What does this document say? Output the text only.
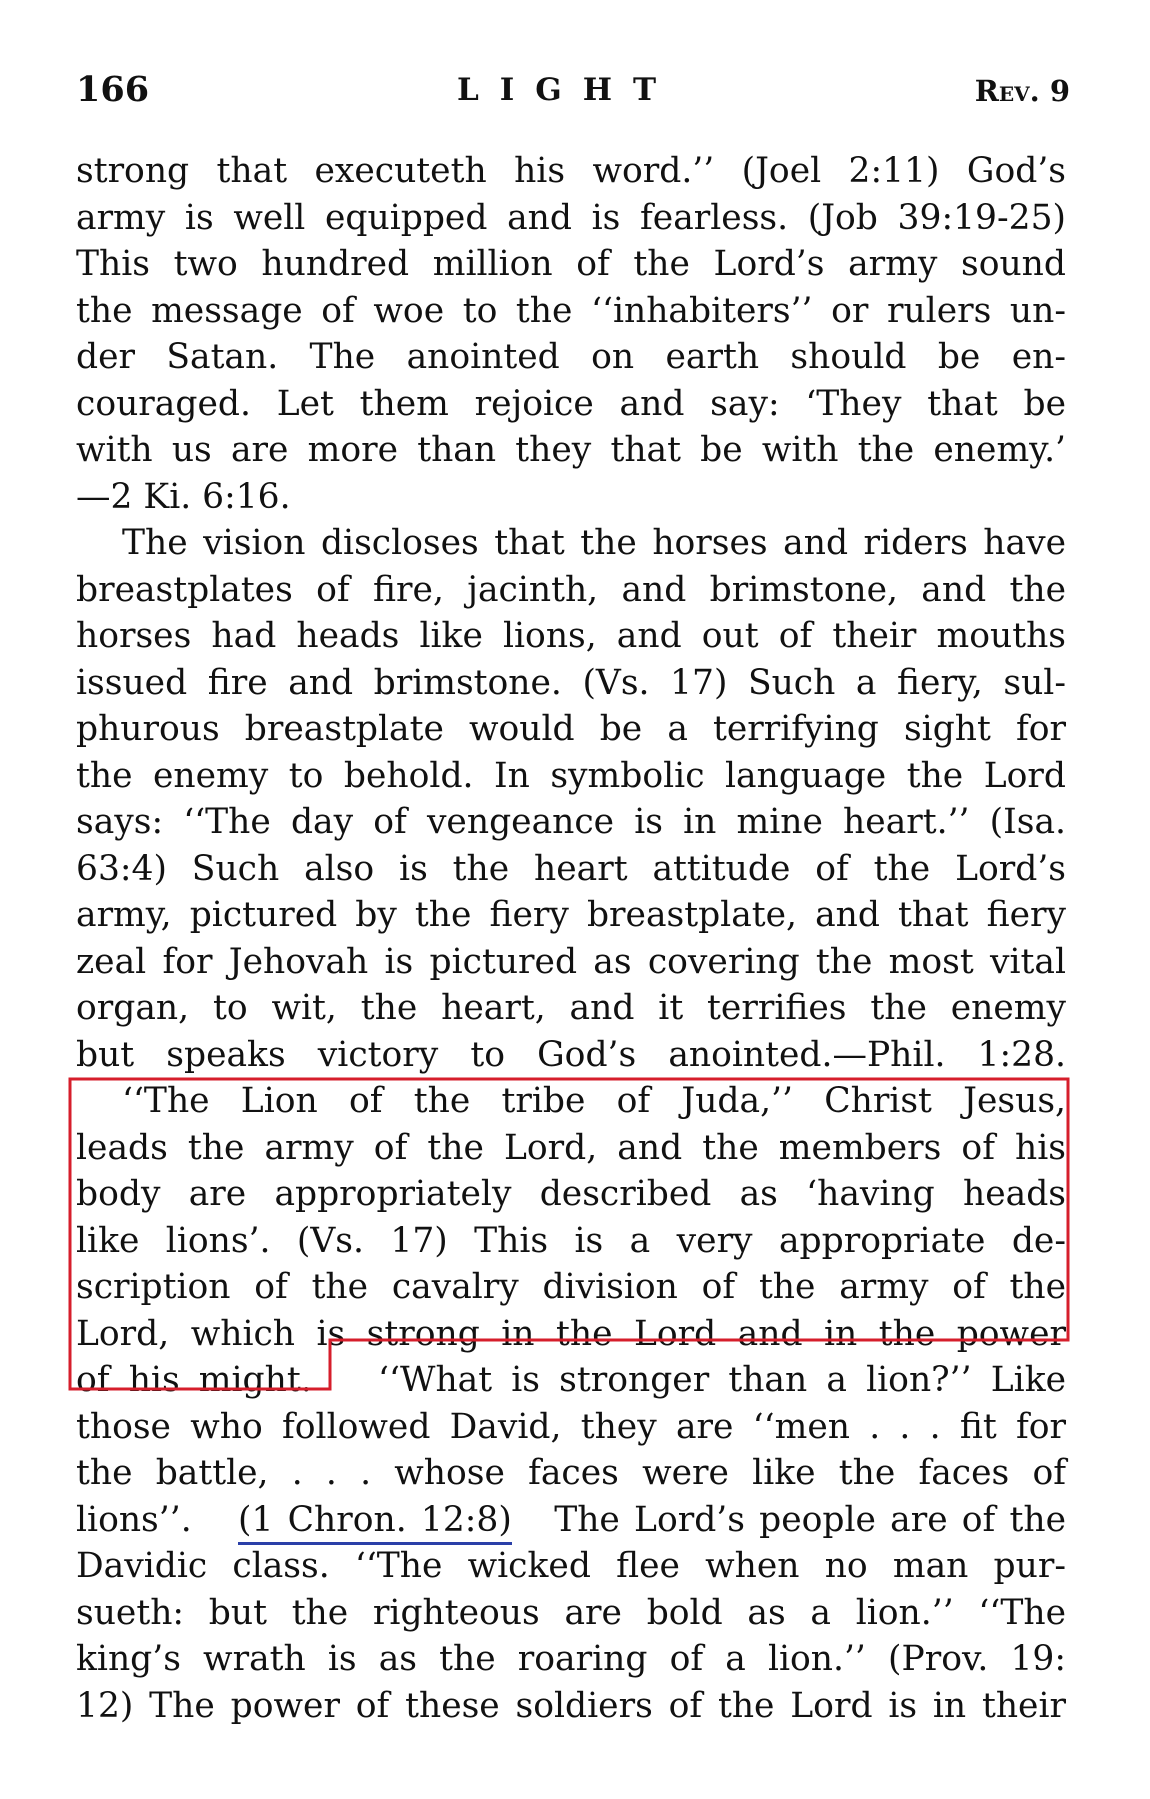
166	LIGHT	Rev. 9
strong that executeth his word.’’ (Joel 2:11) God’s
army is well equipped and is fearless. (Job 39:19-25)
This two hundred million of the Lord’s army sound
the message of woe to the ‘‘inhabiters’’ or rulers un-
der Satan. The anointed on earth should be en-
couraged. Let them rejoice and say: ‘They that be
with us are more than they that be with the enemy.’
—2 Ki. 6:16.
The vision discloses that the horses and riders have
breastplates of fire, jacinth, and brimstone, and the
horses had heads like lions, and out of their mouths
issued fire and brimstone. (Vs. 17) Such a fiery, sul-
phurous breastplate would be a terrifying sight for
the enemy to behold. In symbolic language the Lord
says: ‘‘The day of vengeance is in mine heart.’’ (Isa.
63:4) Such also is the heart attitude of the Lord’s
army, pictured by the fiery breastplate, and that fiery
zeal for Jehovah is pictured as covering the most vital
organ, to wit, the heart, and it terrifies the enemy
but speaks victory to God’s anointed.—Phil. 1:28.
‘‘The Lion of the tribe of Juda,’’ Christ Jesus,
leads the army of the Lord, and the members of his
body are appropriately described as ‘having heads
like lions’. (Vs. 17) This is a very appropriate de-
scription of the cavalry division of the army of the
Lord, which is strong in the Lord and in the power
of his might. ‘‘What is stronger than a lion?’’ Like
those who followed David, they are ‘‘men . . . fit for
the battle, . . . whose faces were like the faces of
lions’’. (1 Chron. 12:8) The Lord’s people are of the
Davidic class. ‘‘The wicked flee when no man pur-
sueth: but the righteous are bold as a lion.’’ ‘‘The
king’s wrath is as the roaring of a lion.’’ (Prov. 19:
12) The power of these soldiers of the Lord is in their
